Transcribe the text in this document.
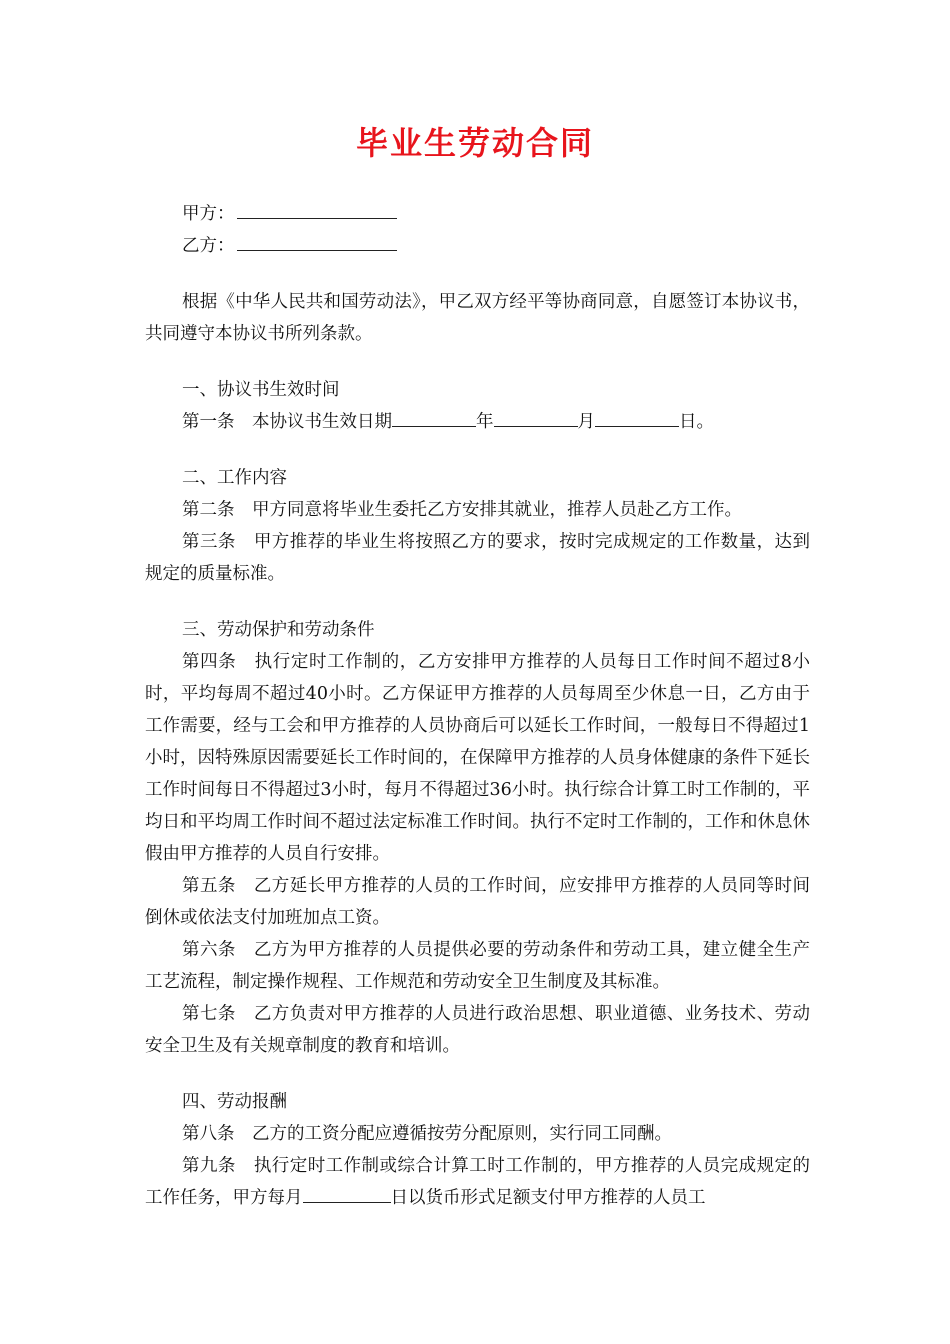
毕业生劳动合同
甲方：
乙方：
根据《中华人民共和国劳动法》，甲乙双方经平等协商同意，自愿签订本协议书，共同遵守本协议书所列条款。
一、协议书生效时间
第一条　本协议书生效日期	年	月	日。
二、工作内容
第二条　甲方同意将毕业生委托乙方安排其就业，推荐人员赴乙方工作。
第三条　甲方推荐的毕业生将按照乙方的要求，按时完成规定的工作数量，达到规定的质量标准。
三、劳动保护和劳动条件
第四条　执行定时工作制的，乙方安排甲方推荐的人员每日工作时间不超过8小时，平均每周不超过40小时。乙方保证甲方推荐的人员每周至少休息一日，乙方由于工作需要，经与工会和甲方推荐的人员协商后可以延长工作时间，一般每日不得超过1小时，因特殊原因需要延长工作时间的，在保障甲方推荐的人员身体健康的条件下延长工作时间每日不得超过3小时，每月不得超过36小时。执行综合计算工时工作制的，平均日和平均周工作时间不超过法定标准工作时间。执行不定时工作制的，工作和休息休假由甲方推荐的人员自行安排。
第五条　乙方延长甲方推荐的人员的工作时间，应安排甲方推荐的人员同等时间倒休或依法支付加班加点工资。
第六条　乙方为甲方推荐的人员提供必要的劳动条件和劳动工具，建立健全生产工艺流程，制定操作规程、工作规范和劳动安全卫生制度及其标准。
第七条　乙方负责对甲方推荐的人员进行政治思想、职业道德、业务技术、劳动安全卫生及有关规章制度的教育和培训。
四、劳动报酬
第八条　乙方的工资分配应遵循按劳分配原则，实行同工同酬。
第九条　执行定时工作制或综合计算工时工作制的，甲方推荐的人员完成规定的工作任务，甲方每月	日以货币形式足额支付甲方推荐的人员工
